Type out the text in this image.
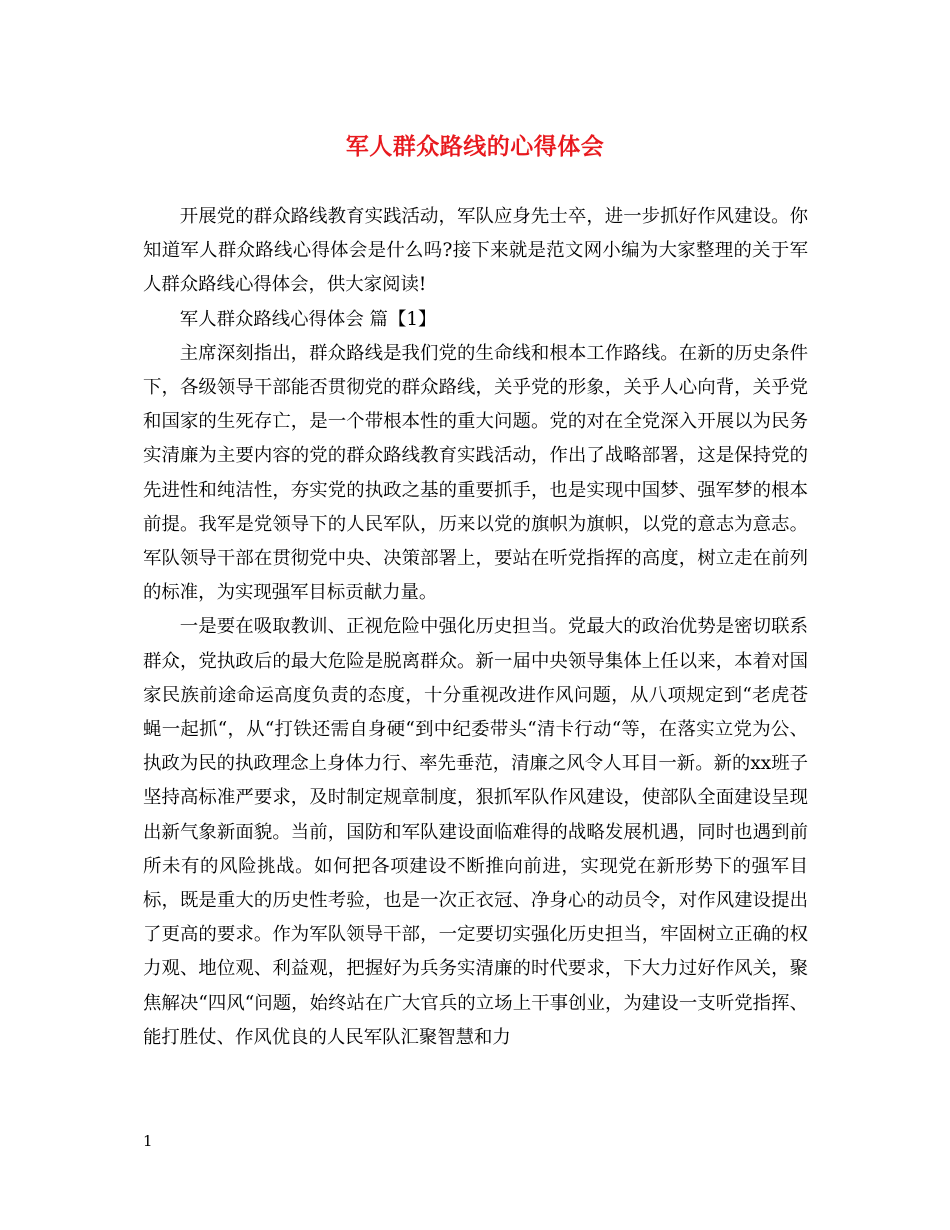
军人群众路线的心得体会

开展党的群众路线教育实践活动，军队应身先士卒，进一步抓好作风建设。你知道军人群众路线心得体会是什么吗?接下来就是范文网小编为大家整理的关于军人群众路线心得体会，供大家阅读!

军人群众路线心得体会 篇【1】

主席深刻指出，群众路线是我们党的生命线和根本工作路线。在新的历史条件下，各级领导干部能否贯彻党的群众路线，关乎党的形象，关乎人心向背，关乎党和国家的生死存亡，是一个带根本性的重大问题。党的对在全党深入开展以为民务实清廉为主要内容的党的群众路线教育实践活动，作出了战略部署，这是保持党的先进性和纯洁性，夯实党的执政之基的重要抓手，也是实现中国梦、强军梦的根本前提。我军是党领导下的人民军队，历来以党的旗帜为旗帜，以党的意志为意志。军队领导干部在贯彻党中央、决策部署上，要站在听党指挥的高度，树立走在前列的标准，为实现强军目标贡献力量。

一是要在吸取教训、正视危险中强化历史担当。党最大的政治优势是密切联系群众，党执政后的最大危险是脱离群众。新一届中央领导集体上任以来，本着对国家民族前途命运高度负责的态度，十分重视改进作风问题，从八项规定到“老虎苍蝇一起抓“，从“打铁还需自身硬“到中纪委带头“清卡行动“等，在落实立党为公、执政为民的执政理念上身体力行、率先垂范，清廉之风令人耳目一新。新的xx班子坚持高标准严要求，及时制定规章制度，狠抓军队作风建设，使部队全面建设呈现出新气象新面貌。当前，国防和军队建设面临难得的战略发展机遇，同时也遇到前所未有的风险挑战。如何把各项建设不断推向前进，实现党在新形势下的强军目标，既是重大的历史性考验，也是一次正衣冠、净身心的动员令，对作风建设提出了更高的要求。作为军队领导干部，一定要切实强化历史担当，牢固树立正确的权力观、地位观、利益观，把握好为兵务实清廉的时代要求，下大力过好作风关，聚焦解决“四风“问题，始终站在广大官兵的立场上干事创业，为建设一支听党指挥、能打胜仗、作风优良的人民军队汇聚智慧和力

1
